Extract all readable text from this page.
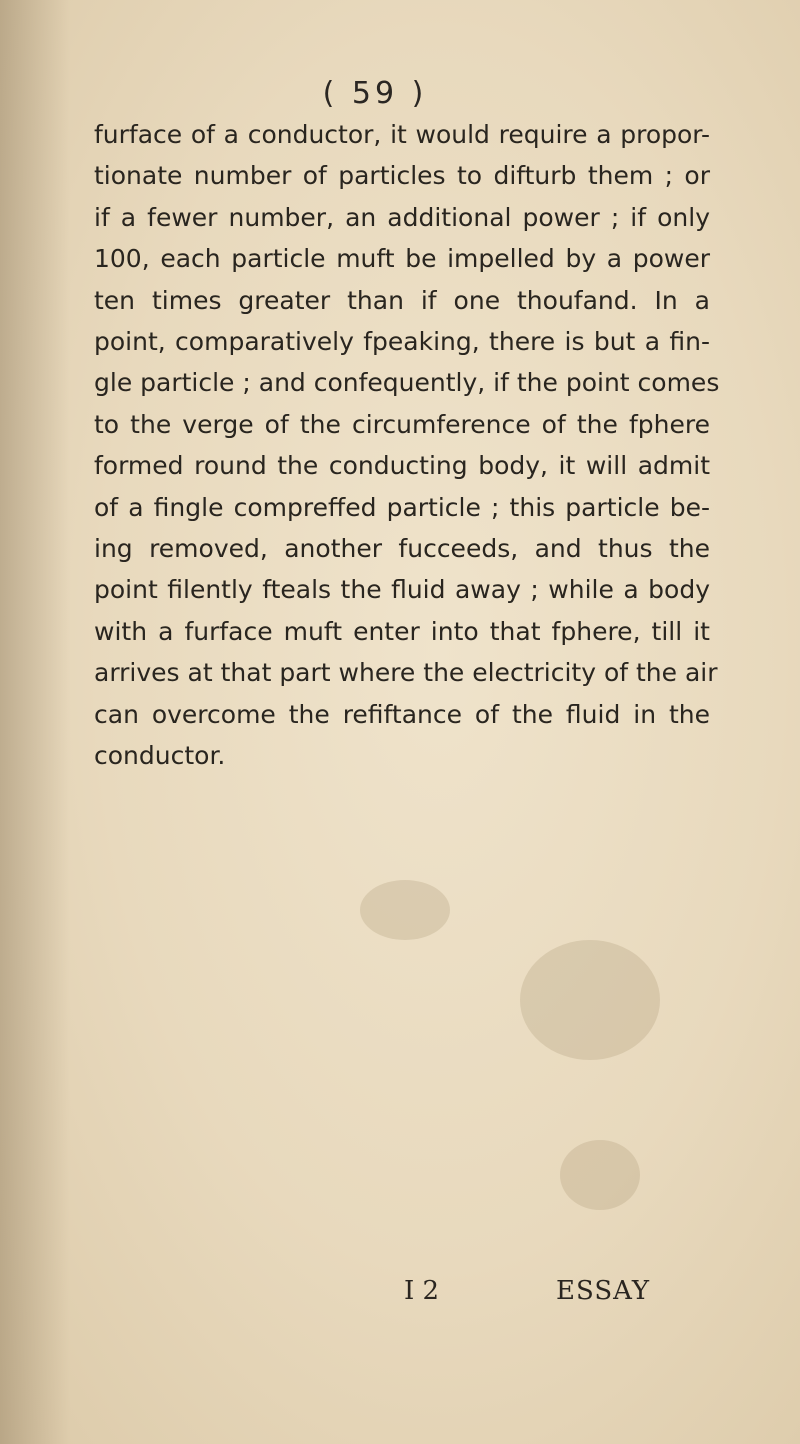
( 59 )

furface of a conductor, it would require a propor-
tionate number of particles to difturb them ; or
if a fewer number, an additional power ; if only
100, each particle muft be impelled by a power
ten times greater than if one thoufand. In a
point, comparatively fpeaking, there is but a fin-
gle particle ; and confequently, if the point comes
to the verge of the circumference of the fphere
formed round the conducting body, it will admit
of a fingle compreffed particle ; this particle be-
ing removed, another fucceeds, and thus the
point filently fteals the fluid away ; while a body
with a furface muft enter into that fphere, till it
arrives at that part where the electricity of the air
can overcome the refiftance of the fluid in the
conductor.

I 2	ESSAY
